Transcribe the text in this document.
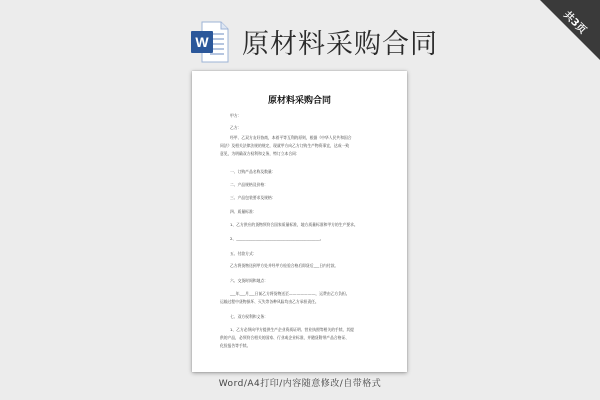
W 原材料采购合同
共3页
原材料采购合同
甲方：
乙方：
经甲、乙双方友好协商，本着平等互利的原则，根据《中华人民共和国合
同法》及相关法律法规的规定，现就甲方向乙方订购生产物资事宜，达成一致
意见，为明确双方权利和义务，特订立本合同：
一、订购产品名称及数量：
二、产品规格及价格：
三、产品包装要求及规格：
四、质量标准：
1、乙方供应的货物须符合国家质量标准，地方质量标准和甲方的生产要求。
2、____________________________________________。
五、付款方式：
乙方将货物送到甲方处并经甲方检验合格后即货后___日内付款。
六、交货时间和地点：
___年___月___日前乙方将货物送至———————，运费由乙方负担。
运输过程中货物损坏、灭失等各种风险均由乙方承担责任。
七、双方权利和义务：
1、乙方必须向甲方提供生产企业资质证明、营业执照等相关的手续，其提
供的产品，必须符合相关的国家、行业或企业标准，并随货附带产品合格证、
化验报告等手续。
Word/A4打印/内容随意修改/自带格式
